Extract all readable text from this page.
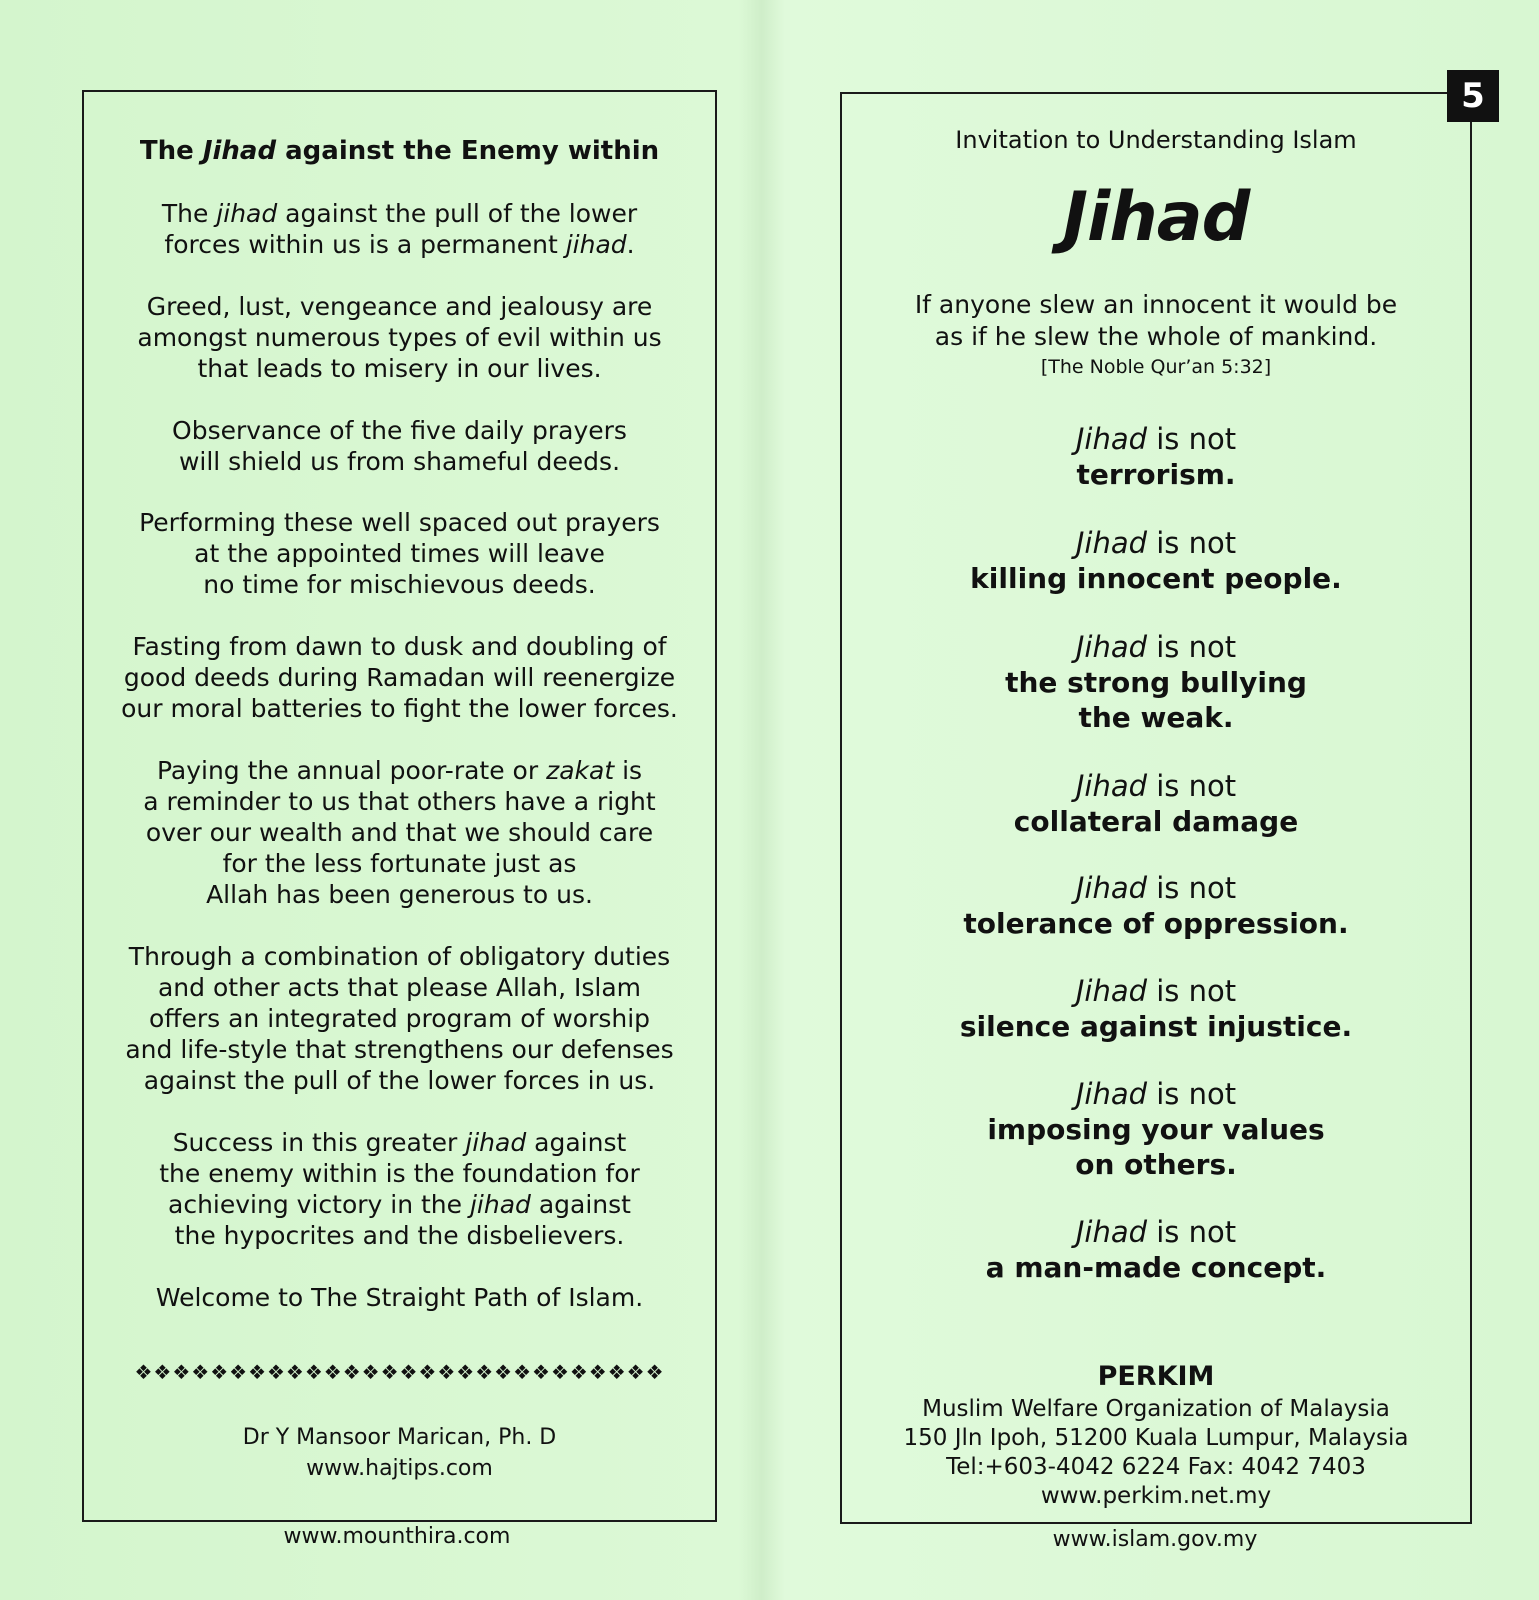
The Jihad against the Enemy within
The jihad against the pull of the lower
forces within us is a permanent jihad.
Greed, lust, vengeance and jealousy are
amongst numerous types of evil within us
that leads to misery in our lives.
Observance of the five daily prayers
will shield us from shameful deeds.
Performing these well spaced out prayers
at the appointed times will leave
no time for mischievous deeds.
Fasting from dawn to dusk and doubling of
good deeds during Ramadan will reenergize
our moral batteries to fight the lower forces.
Paying the annual poor-rate or zakat is
a reminder to us that others have a right
over our wealth and that we should care
for the less fortunate just as
Allah has been generous to us.
Through a combination of obligatory duties
and other acts that please Allah, Islam
offers an integrated program of worship
and life-style that strengthens our defenses
against the pull of the lower forces in us.
Success in this greater jihad against
the enemy within is the foundation for
achieving victory in the jihad against
the hypocrites and the disbelievers.
Welcome to The Straight Path of Islam.
❖❖❖❖❖❖❖❖❖❖❖❖❖❖❖❖❖❖❖❖❖❖❖❖❖❖❖❖
Dr Y Mansoor Marican, Ph. D
www.hajtips.com
www.mounthira.com
Invitation to Understanding Islam
Jihad
If anyone slew an innocent it would be
as if he slew the whole of mankind.
[The Noble Qur’an 5:32]
Jihad is not
terrorism.
Jihad is not
killing innocent people.
Jihad is not
the strong bullying
the weak.
Jihad is not
collateral damage
Jihad is not
tolerance of oppression.
Jihad is not
silence against injustice.
Jihad is not
imposing your values
on others.
Jihad is not
a man-made concept.
PERKIM
Muslim Welfare Organization of Malaysia
150 Jln Ipoh, 51200 Kuala Lumpur, Malaysia
Tel:+603-4042 6224 Fax: 4042 7403
www.perkim.net.my
5
www.islam.gov.my
